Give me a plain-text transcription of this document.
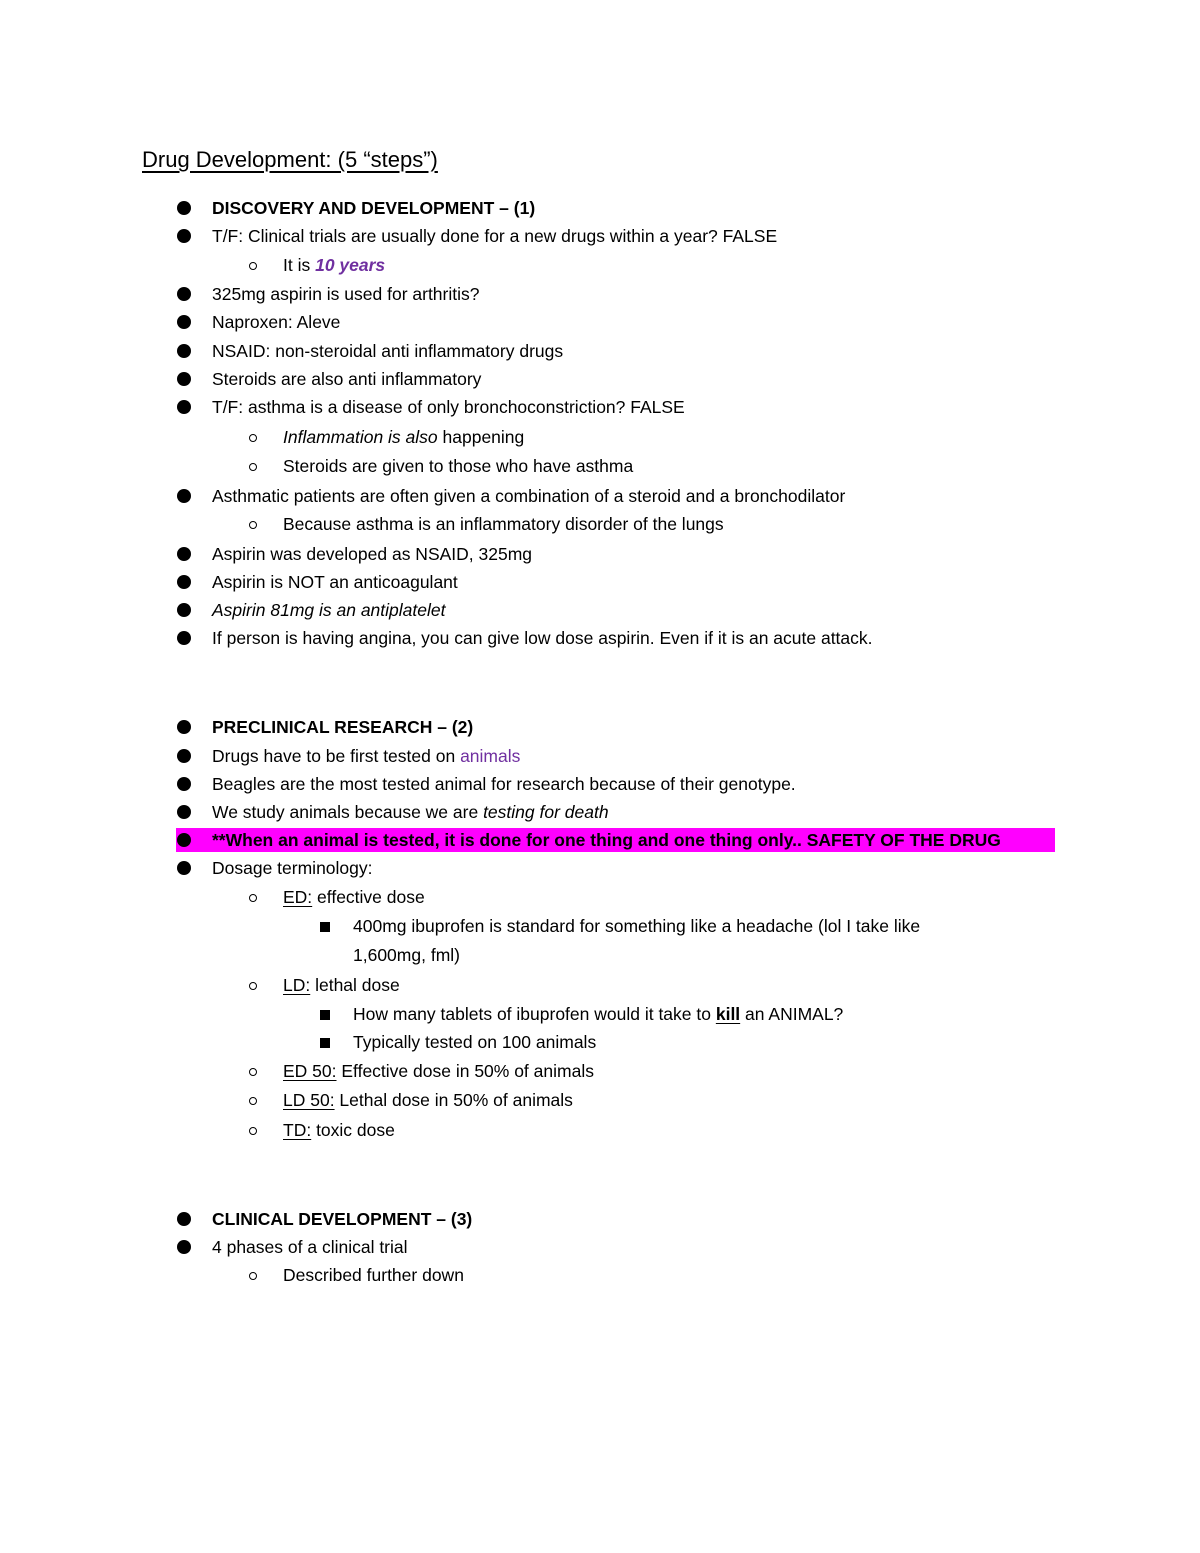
Drug Development: (5 “steps”)
DISCOVERY AND DEVELOPMENT – (1)
T/F: Clinical trials are usually done for a new drugs within a year? FALSE
It is 10 years
325mg aspirin is used for arthritis?
Naproxen: Aleve
NSAID: non-steroidal anti inflammatory drugs
Steroids are also anti inflammatory
T/F: asthma is a disease of only bronchoconstriction? FALSE
Inflammation is also happening
Steroids are given to those who have asthma
Asthmatic patients are often given a combination of a steroid and a bronchodilator
Because asthma is an inflammatory disorder of the lungs
Aspirin was developed as NSAID, 325mg
Aspirin is NOT an anticoagulant
Aspirin 81mg is an antiplatelet
If person is having angina, you can give low dose aspirin. Even if it is an acute attack.
PRECLINICAL RESEARCH – (2)
Drugs have to be first tested on animals
Beagles are the most tested animal for research because of their genotype.
We study animals because we are testing for death
**When an animal is tested, it is done for one thing and one thing only.. SAFETY OF THE DRUG
Dosage terminology:
ED: effective dose
400mg ibuprofen is standard for something like a headache (lol I take like
1,600mg, fml)
LD: lethal dose
How many tablets of ibuprofen would it take to kill an ANIMAL?
Typically tested on 100 animals
ED 50: Effective dose in 50% of animals
LD 50: Lethal dose in 50% of animals
TD: toxic dose
CLINICAL DEVELOPMENT – (3)
4 phases of a clinical trial
Described further down
